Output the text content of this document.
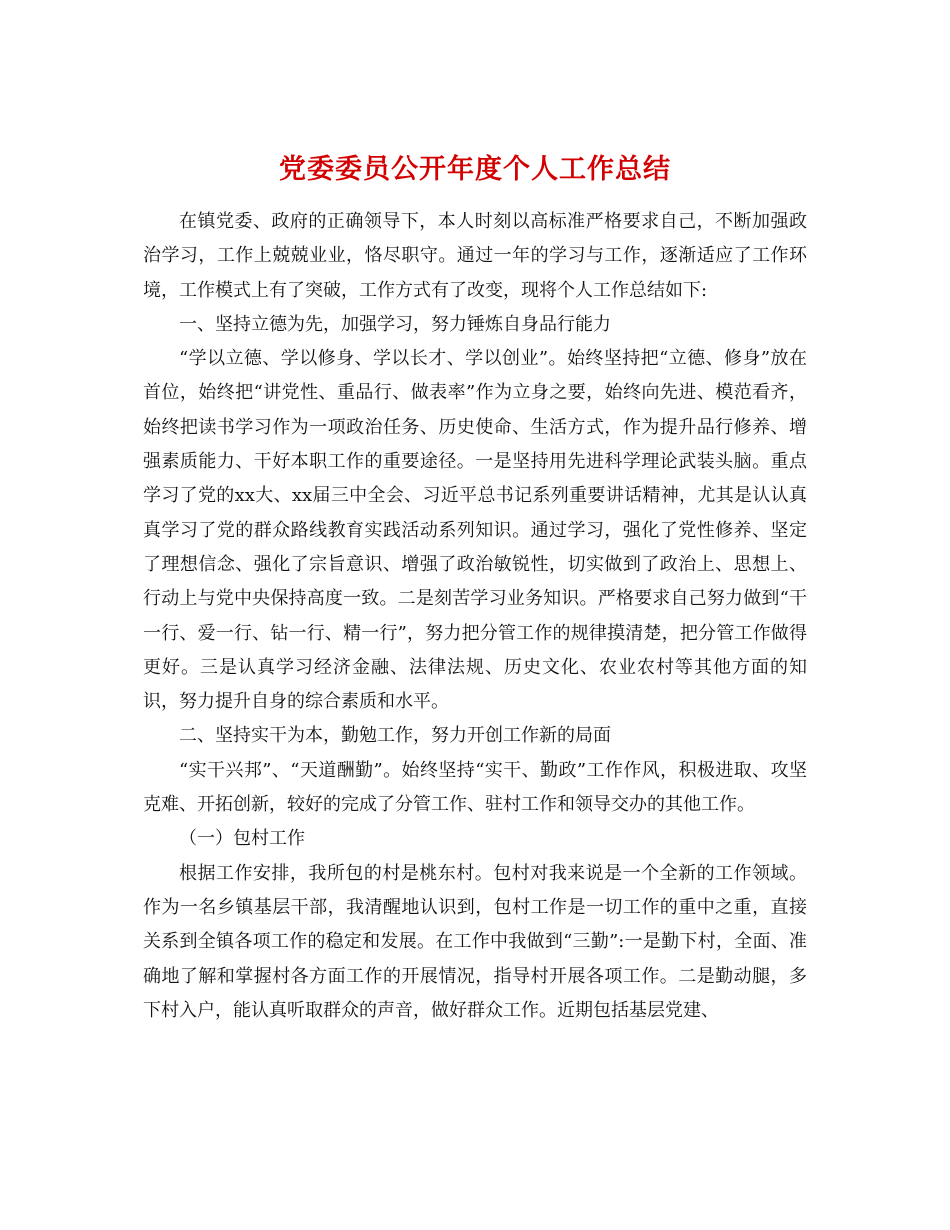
党委委员公开年度个人工作总结

在镇党委、政府的正确领导下，本人时刻以高标准严格要求自己，不断加强政治学习，工作上兢兢业业，恪尽职守。通过一年的学习与工作，逐渐适应了工作环境，工作模式上有了突破，工作方式有了改变，现将个人工作总结如下:

一、坚持立德为先，加强学习，努力锤炼自身品行能力

“学以立德、学以修身、学以长才、学以创业”。始终坚持把“立德、修身”放在首位，始终把“讲党性、重品行、做表率”作为立身之要，始终向先进、模范看齐，始终把读书学习作为一项政治任务、历史使命、生活方式，作为提升品行修养、增强素质能力、干好本职工作的重要途径。一是坚持用先进科学理论武装头脑。重点学习了党的xx大、xx届三中全会、习近平总书记系列重要讲话精神，尤其是认认真真学习了党的群众路线教育实践活动系列知识。通过学习，强化了党性修养、坚定了理想信念、强化了宗旨意识、增强了政治敏锐性，切实做到了政治上、思想上、行动上与党中央保持高度一致。二是刻苦学习业务知识。严格要求自己努力做到“干一行、爱一行、钻一行、精一行”，努力把分管工作的规律摸清楚，把分管工作做得更好。三是认真学习经济金融、法律法规、历史文化、农业农村等其他方面的知识，努力提升自身的综合素质和水平。

二、坚持实干为本，勤勉工作，努力开创工作新的局面

“实干兴邦”、“天道酬勤”。始终坚持“实干、勤政”工作作风，积极进取、攻坚克难、开拓创新，较好的完成了分管工作、驻村工作和领导交办的其他工作。

（一）包村工作

根据工作安排，我所包的村是桃东村。包村对我来说是一个全新的工作领域。作为一名乡镇基层干部，我清醒地认识到，包村工作是一切工作的重中之重，直接关系到全镇各项工作的稳定和发展。在工作中我做到“三勤”:一是勤下村，全面、准确地了解和掌握村各方面工作的开展情况，指导村开展各项工作。二是勤动腿，多下村入户，能认真听取群众的声音，做好群众工作。近期包括基层党建、
